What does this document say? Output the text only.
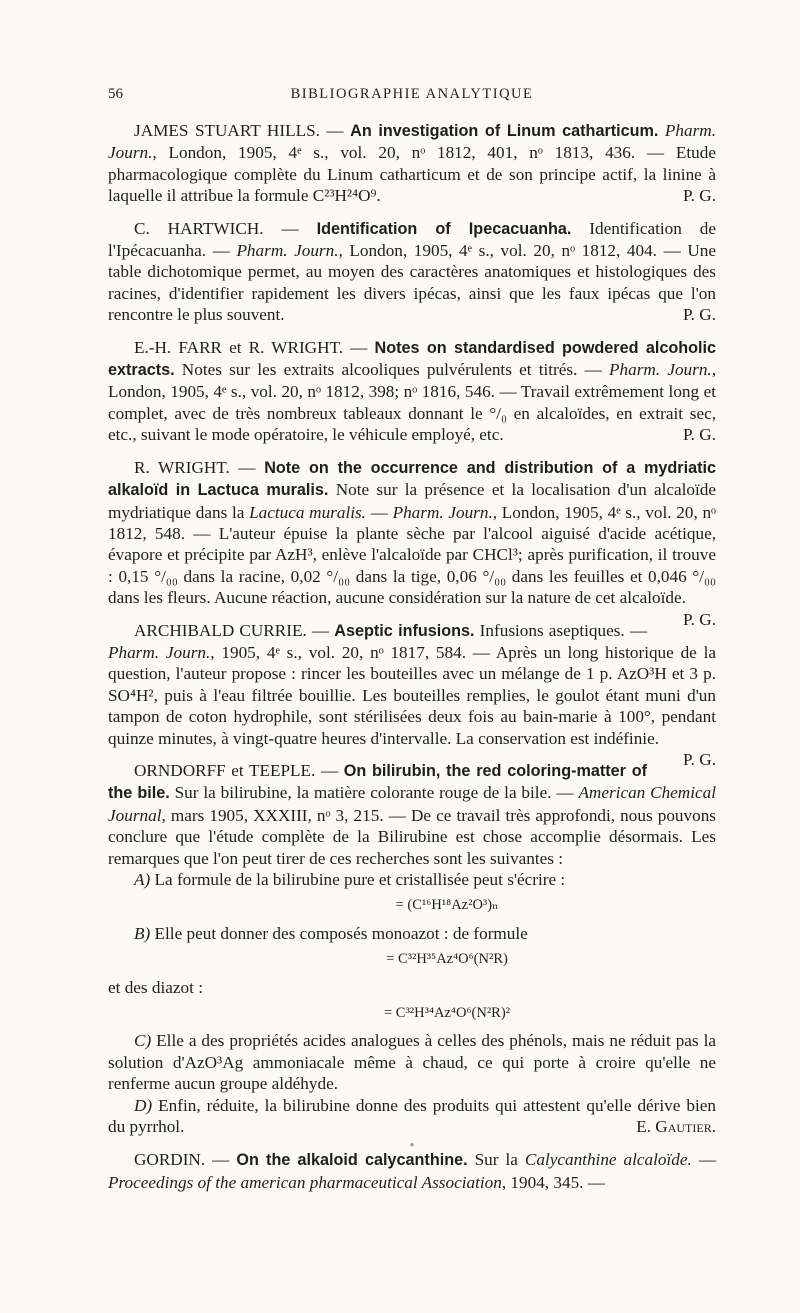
56	BIBLIOGRAPHIE ANALYTIQUE
JAMES STUART HILLS. — An investigation of Linum catharticum. Pharm. Journ., London, 1905, 4ᵉ s., vol. 20, nᵒ 1812, 401, nᵒ 1813, 436. — Etude pharmacologique complète du Linum catharticum et de son principe actif, la linine à laquelle il attribue la formule C²³H²⁴O⁹.	P. G.
C. HARTWICH. — Identification of Ipecacuanha. Identification de l'Ipécacuanha. — Pharm. Journ., London, 1905, 4ᵉ s., vol. 20, nᵒ 1812, 404. — Une table dichotomique permet, au moyen des caractères anatomiques et histologiques des racines, d'identifier rapidement les divers ipécas, ainsi que les faux ipécas que l'on rencontre le plus souvent.	P. G.
E.-H. FARR et R. WRIGHT. — Notes on standardised powdered alcoholic extracts. Notes sur les extraits alcooliques pulvérulents et titrés. — Pharm. Journ., London, 1905, 4ᵉ s., vol. 20, nᵒ 1812, 398; nᵒ 1816, 546. — Travail extrêmement long et complet, avec de très nombreux tableaux donnant le °/₀ en alcaloïdes, en extrait sec, etc., suivant le mode opératoire, le véhicule employé, etc.	P. G.
R. WRIGHT. — Note on the occurrence and distribution of a mydriatic alkaloïd in Lactuca muralis. Note sur la présence et la localisation d'un alcaloïde mydriatique dans la Lactuca muralis. — Pharm. Journ., London, 1905, 4ᵉ s., vol. 20, nᵒ 1812, 548. — L'auteur épuise la plante sèche par l'alcool aiguisé d'acide acétique, évapore et précipite par AzH³, enlève l'alcaloïde par CHCl³; après purification, il trouve : 0,15 °/₀₀ dans la racine, 0,02 °/₀₀ dans la tige, 0,06 °/₀₀ dans les feuilles et 0,046 °/₀₀ dans les fleurs. Aucune réaction, aucune considération sur la nature de cet alcaloïde.
P. G.
ARCHIBALD CURRIE. — Aseptic infusions. Infusions aseptiques. — Pharm. Journ., 1905, 4ᵉ s., vol. 20, nᵒ 1817, 584. — Après un long historique de la question, l'auteur propose : rincer les bouteilles avec un mélange de 1 p. AzO³H et 3 p. SO⁴H², puis à l'eau filtrée bouillie. Les bouteilles remplies, le goulot étant muni d'un tampon de coton hydrophile, sont stérilisées deux fois au bain-marie à 100°, pendant quinze minutes, à vingt-quatre heures d'intervalle. La conservation est indéfinie.
P. G.
ORNDORFF et TEEPLE. — On bilirubin, the red coloring-matter of the bile. Sur la bilirubine, la matière colorante rouge de la bile. — American Chemical Journal, mars 1905, XXXIII, nᵒ 3, 215. — De ce travail très approfondi, nous pouvons conclure que l'étude complète de la Bilirubine est chose accomplie désormais. Les remarques que l'on peut tirer de ces recherches sont les suivantes :

A) La formule de la bilirubine pure et cristallisée peut s'écrire :

= (C¹⁶H¹⁸Az²O³)ₙ

B) Elle peut donner des composés monoazot : de formule

= C³²H³⁵Az⁴O⁶(N²R)

et des diazot :

= C³²H³⁴Az⁴O⁶(N²R)²

C) Elle a des propriétés acides analogues à celles des phénols, mais ne réduit pas la solution d'AzO³Ag ammoniacale même à chaud, ce qui porte à croire qu'elle ne renferme aucun groupe aldéhyde.

D) Enfin, réduite, la bilirubine donne des produits qui attestent qu'elle dérive bien du pyrrhol.	E. Gautier.

●
GORDIN. — On the alkaloid calycanthine. Sur la Calycanthine alcaloïde. — Proceedings of the american pharmaceutical Association, 1904, 345. —
